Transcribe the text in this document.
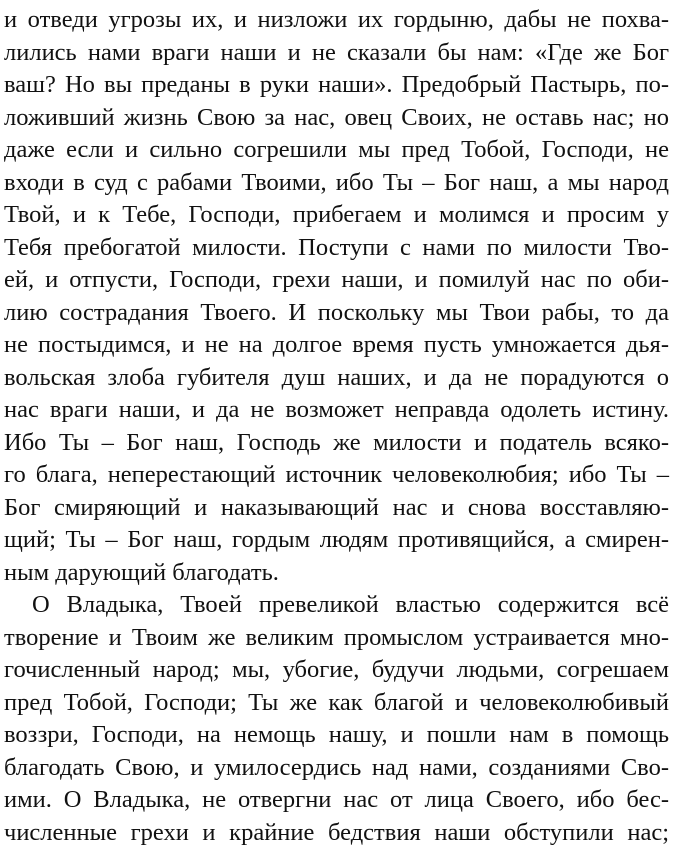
и отведи угрозы их, и низложи их гордыню, дабы не похва-
лились нами враги наши и не сказали бы нам: «Где же Бог
ваш? Но вы преданы в руки наши». Предобрый Пастырь, по-
ложивший жизнь Свою за нас, овец Своих, не оставь нас; но
даже если и сильно согрешили мы пред Тобой, Господи, не
входи в суд с рабами Твоими, ибо Ты – Бог наш, а мы народ
Твой, и к Тебе, Господи, прибегаем и молимся и просим у
Тебя пребогатой милости. Поступи с нами по милости Тво-
ей, и отпусти, Господи, грехи наши, и помилуй нас по оби-
лию сострадания Твоего. И поскольку мы Твои рабы, то да
не постыдимся, и не на долгое время пусть умножается дья-
вольская злоба губителя душ наших, и да не порадуются о
нас враги наши, и да не возможет неправда одолеть истину.
Ибо Ты – Бог наш, Господь же милости и податель всяко-
го блага, неперестающий источник человеколюбия; ибо Ты –
Бог смиряющий и наказывающий нас и снова восставляю-
щий; Ты – Бог наш, гордым людям противящийся, а смирен-
ным дарующий благодать.
О Владыка, Твоей превеликой властью содержится всё
творение и Твоим же великим промыслом устраивается мно-
гочисленный народ; мы, убогие, будучи людьми, согрешаем
пред Тобой, Господи; Ты же как благой и человеколюбивый
воззри, Господи, на немощь нашу, и пошли нам в помощь
благодать Свою, и умилосердись над нами, созданиями Сво-
ими. О Владыка, не отвергни нас от лица Своего, ибо бес-
численные грехи и крайние бедствия наши обступили нас;
